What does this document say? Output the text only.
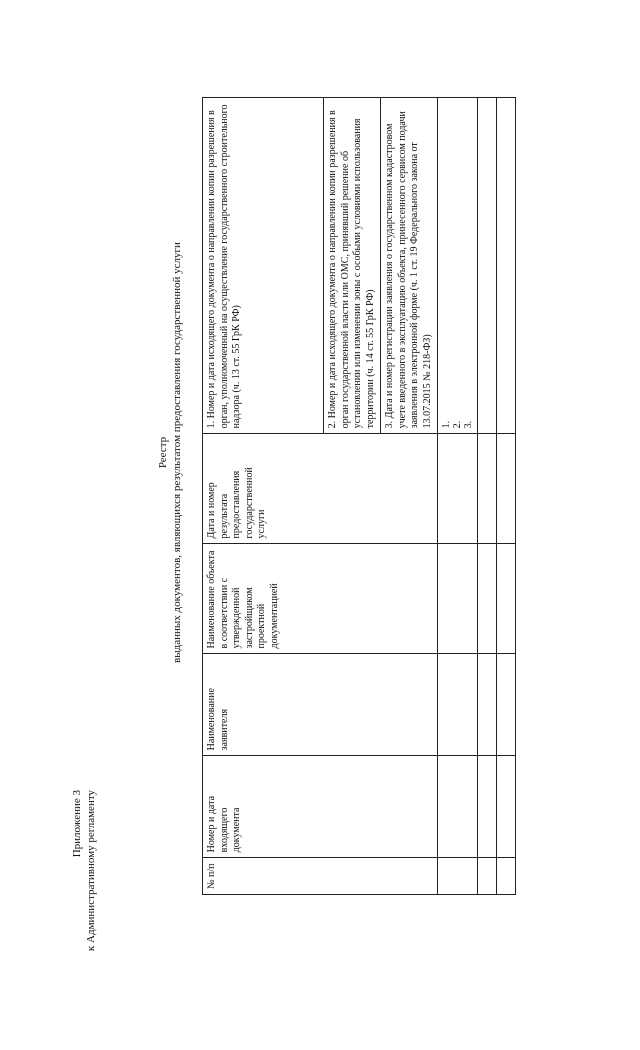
Приложение 3 к Административному регламенту
Реестр выданных документов, являющихся результатом предоставления государственной услуги
№ п/п	Номер и дата входящего документа	Наименование заявителя	Наименование объекта в соответствии с утвержденной застройщиком проектной документацией	Дата и номер результата предоставления государственной услуги	1. Номер и дата исходящего документа о направлении копии разрешения в орган, уполномоченный на осуществление государственного строительного надзора (ч. 13 ст. 55 ГрК РФ)
					2. Номер и дата исходящего документа о направлении копии разрешения в орган государственной власти или ОМС, принявший решение об установлении или изменении зоны с особыми условиями использования территории (ч. 14 ст. 55 ГрК РФ)
					3. Дата и номер регистрации заявления о государственном кадастровом учете введенного в эксплуатацию объекта, принесенного сервисом подачи заявления в электронной форме (ч. 1 ст. 19 Федерального закона от 13.07.2015 № 218-ФЗ)

					1. 2. 3.
